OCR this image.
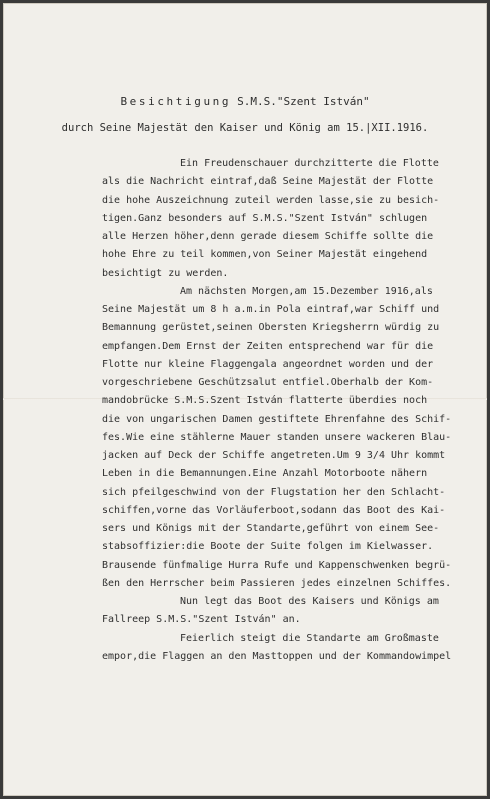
Besichtigung S.M.S."Szent István"
durch Seine Majestät den Kaiser und König am 15.|XII.1916.
Ein Freudenschauer durchzitterte die Flotte
als die Nachricht eintraf,daß Seine Majestät der Flotte
die hohe Auszeichnung zuteil werden lasse,sie zu besich-
tigen.Ganz besonders auf S.M.S."Szent István" schlugen
alle Herzen höher,denn gerade diesem Schiffe sollte die
hohe Ehre zu teil kommen,von Seiner Majestät eingehend
besichtigt zu werden.
Am nächsten Morgen,am 15.Dezember 1916,als
Seine Majestät um 8 h a.m.in Pola eintraf,war Schiff und
Bemannung gerüstet,seinen Obersten Kriegsherrn würdig zu
empfangen.Dem Ernst der Zeiten entsprechend war für die
Flotte nur kleine Flaggengala angeordnet worden und der
vorgeschriebene Geschützsalut entfiel.Oberhalb der Kom-
mandobrücke S.M.S.Szent István flatterte überdies noch
die von ungarischen Damen gestiftete Ehrenfahne des Schif-
fes.Wie eine stählerne Mauer standen unsere wackeren Blau-
jacken auf Deck der Schiffe angetreten.Um 9 3/4 Uhr kommt
Leben in die Bemannungen.Eine Anzahl Motorboote nähern
sich pfeilgeschwind von der Flugstation her den Schlacht-
schiffen,vorne das Vorläuferboot,sodann das Boot des Kai-
sers und Königs mit der Standarte,geführt von einem See-
stabsoffizier:die Boote der Suite folgen im Kielwasser.
Brausende fünfmalige Hurra Rufe und Kappenschwenken begrü-
ßen den Herrscher beim Passieren jedes einzelnen Schiffes.
Nun legt das Boot des Kaisers und Königs am
Fallreep S.M.S."Szent István" an.
Feierlich steigt die Standarte am Großmaste
empor,die Flaggen an den Masttoppen und der Kommandowimpel
